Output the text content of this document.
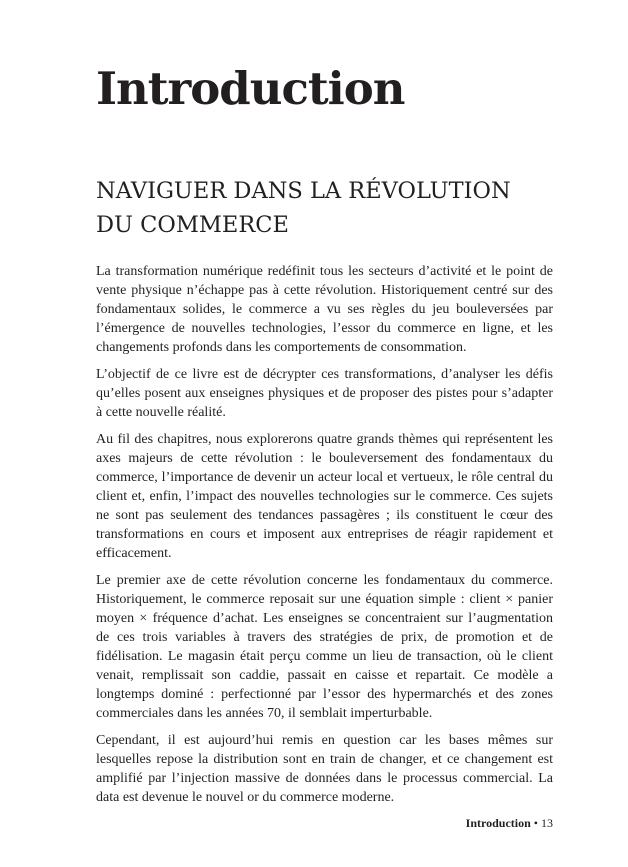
Introduction
NAVIGUER DANS LA RÉVOLUTION
DU COMMERCE

La transformation numérique redéfinit tous les secteurs d’activité et le point de vente physique n’échappe pas à cette révolution. Historiquement centré sur des fondamentaux solides, le commerce a vu ses règles du jeu bouleversées par l’émergence de nouvelles technologies, l’essor du commerce en ligne, et les changements profonds dans les comportements de consommation.

L’objectif de ce livre est de décrypter ces transformations, d’analyser les défis qu’elles posent aux enseignes physiques et de proposer des pistes pour s’adapter à cette nouvelle réalité.

Au fil des chapitres, nous explorerons quatre grands thèmes qui représentent les axes majeurs de cette révolution : le bouleversement des fondamentaux du commerce, l’importance de devenir un acteur local et vertueux, le rôle central du client et, enfin, l’impact des nouvelles technologies sur le commerce. Ces sujets ne sont pas seulement des tendances passagères ; ils constituent le cœur des transformations en cours et imposent aux entreprises de réagir rapidement et efficacement.

Le premier axe de cette révolution concerne les fondamentaux du commerce. Historiquement, le commerce reposait sur une équation simple : client × panier moyen × fréquence d’achat. Les enseignes se concentraient sur l’augmentation de ces trois variables à travers des stratégies de prix, de promotion et de fidélisation. Le magasin était perçu comme un lieu de transaction, où le client venait, remplissait son caddie, passait en caisse et repartait. Ce modèle a longtemps dominé : perfectionné par l’essor des hypermarchés et des zones commerciales dans les années 70, il semblait imperturbable.

Cependant, il est aujourd’hui remis en question car les bases mêmes sur lesquelles repose la distribution sont en train de changer, et ce changement est amplifié par l’injection massive de données dans le processus commercial. La data est devenue le nouvel or du commerce moderne.

Introduction • 13
